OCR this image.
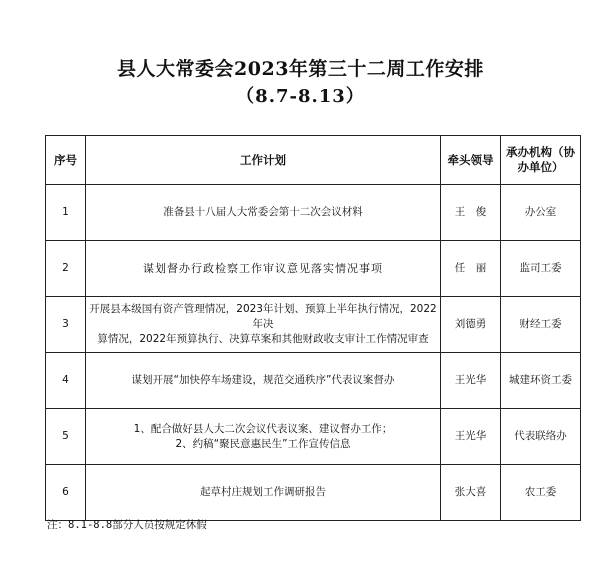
县人大常委会2023年第三十二周工作安排
（8.7-8.13）
序号	工作计划	牵头领导	承办机构（协办单位）
1	准备县十八届人大常委会第十二次会议材料	王　俊	办公室
2	谋划督办行政检察工作审议意见落实情况事项	任　丽	监司工委
3	开展县本级国有资产管理情况，2023年计划、预算上半年执行情况，2022年决
算情况，2022年预算执行、决算草案和其他财政收支审计工作情况审查	刘德勇	财经工委
4	谋划开展“加快停车场建设，规范交通秩序”代表议案督办	王光华	城建环资工委
5	1、配合做好县人大二次会议代表议案、建议督办工作；
2、约稿“聚民意惠民生”工作宣传信息	王光华	代表联络办
6	起草村庄规划工作调研报告	张大喜	农工委
注：8.1-8.8部分人员按规定休假
